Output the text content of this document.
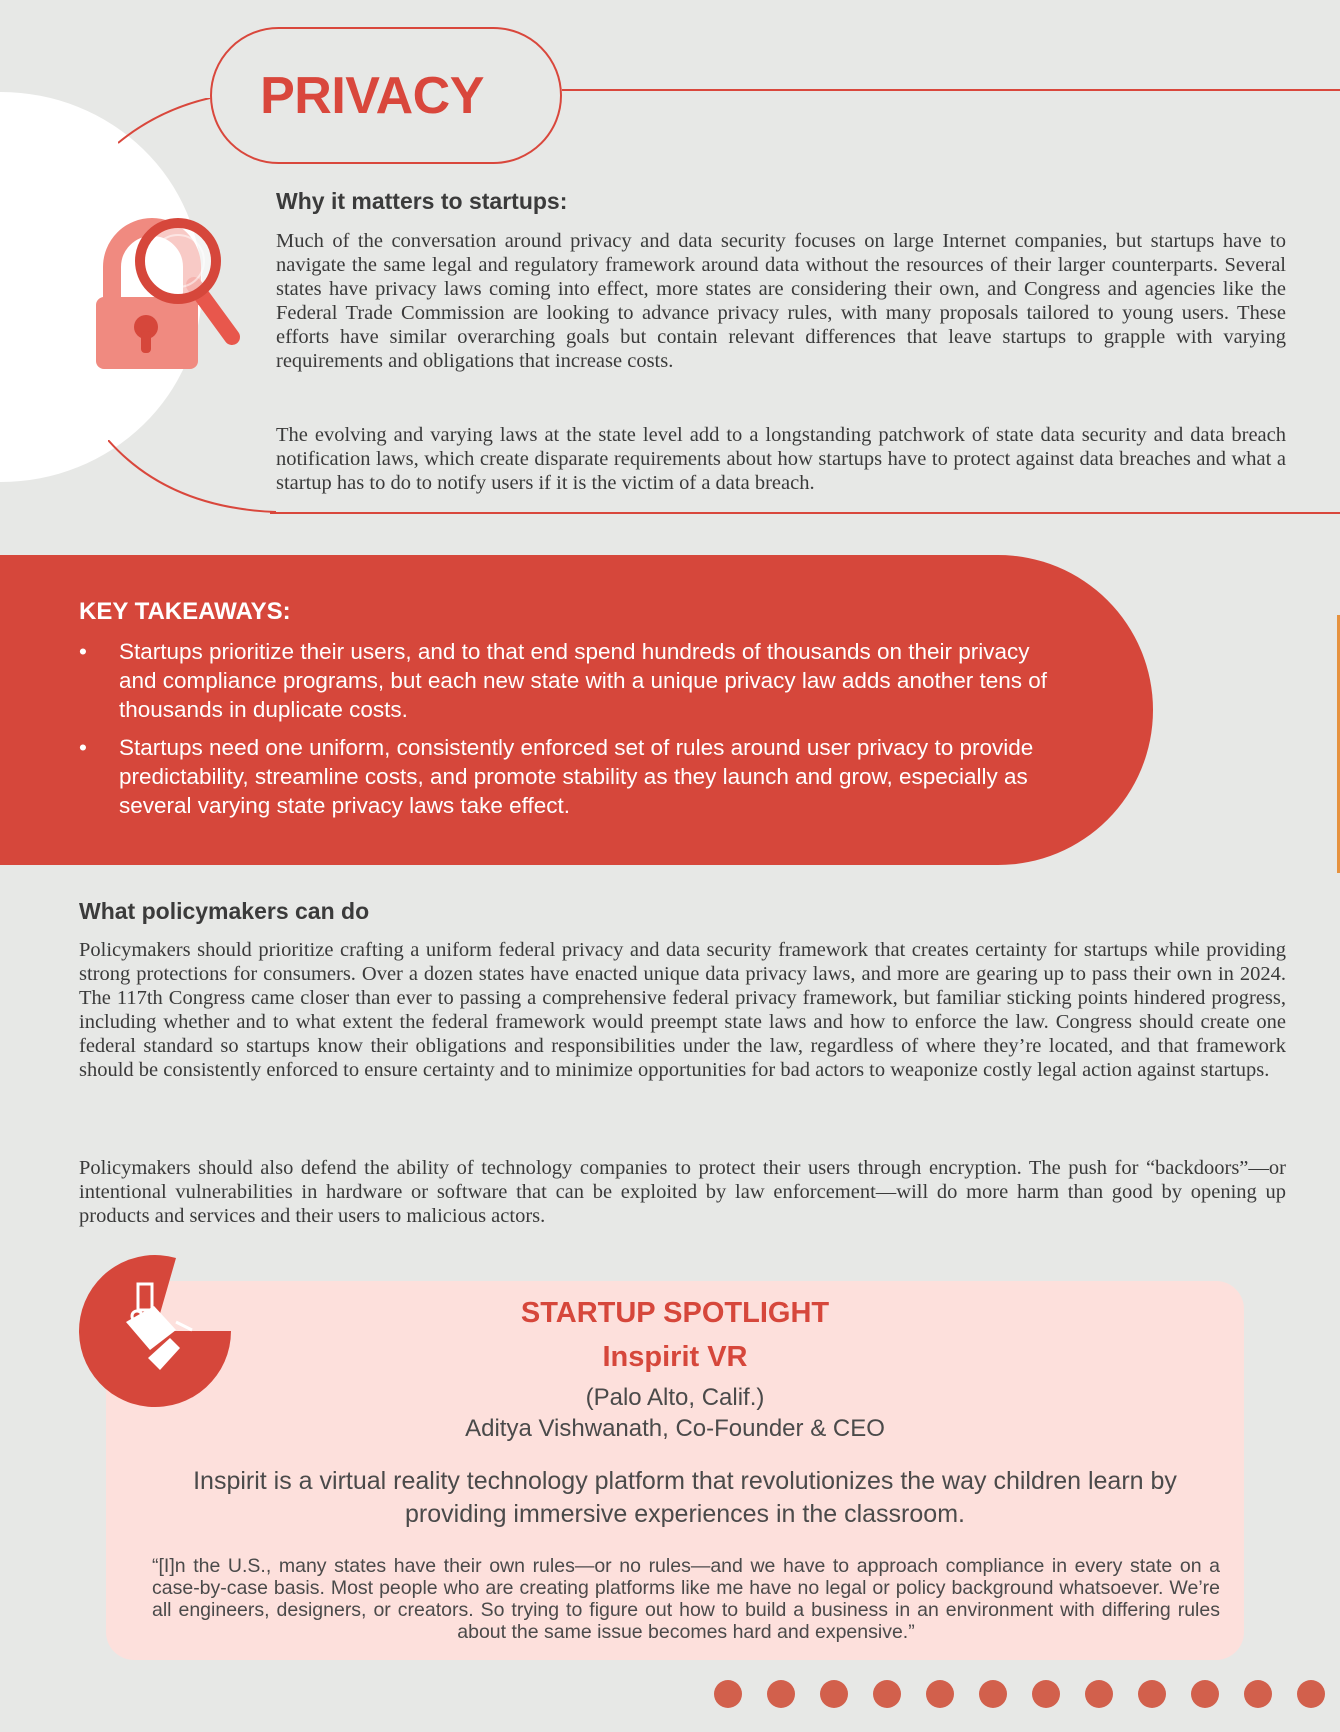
PRIVACY
Why it matters to startups:

Much of the conversation around privacy and data security focuses on large Internet companies, but startups have to navigate the same legal and regulatory framework around data without the resources of their larger counterparts. Several states have privacy laws coming into effect, more states are considering their own, and Congress and agencies like the Federal Trade Commission are looking to advance privacy rules, with many proposals tailored to young users. These efforts have similar overarching goals but contain relevant differences that leave startups to grapple with varying requirements and obligations that increase costs.

The evolving and varying laws at the state level add to a longstanding patchwork of state data security and data breach notification laws, which create disparate requirements about how startups have to protect against data breaches and what a startup has to do to notify users if it is the victim of a data breach.

KEY TAKEAWAYS:
• Startups prioritize their users, and to that end spend hundreds of thousands on their privacy and compliance programs, but each new state with a unique privacy law adds another tens of thousands in duplicate costs.
• Startups need one uniform, consistently enforced set of rules around user privacy to provide predictability, streamline costs, and promote stability as they launch and grow, especially as several varying state privacy laws take effect.
What policymakers can do

Policymakers should prioritize crafting a uniform federal privacy and data security framework that creates certainty for startups while providing strong protections for consumers. Over a dozen states have enacted unique data privacy laws, and more are gearing up to pass their own in 2024. The 117th Congress came closer than ever to passing a comprehensive federal privacy framework, but familiar sticking points hindered progress, including whether and to what extent the federal framework would preempt state laws and how to enforce the law. Congress should create one federal standard so startups know their obligations and responsibilities under the law, regardless of where they’re located, and that framework should be consistently enforced to ensure certainty and to minimize opportunities for bad actors to weaponize costly legal action against startups.

Policymakers should also defend the ability of technology companies to protect their users through encryption. The push for “backdoors”—or intentional vulnerabilities in hardware or software that can be exploited by law enforcement—will do more harm than good by opening up products and services and their users to malicious actors.

STARTUP SPOTLIGHT
Inspirit VR
(Palo Alto, Calif.)
Aditya Vishwanath, Co-Founder & CEO
Inspirit is a virtual reality technology platform that revolutionizes the way children learn by providing immersive experiences in the classroom.

“[I]n the U.S., many states have their own rules—or no rules—and we have to approach compliance in every state on a case-by-case basis. Most people who are creating platforms like me have no legal or policy background whatsoever. We’re all engineers, designers, or creators. So trying to figure out how to build a business in an environment with differing rules about the same issue becomes hard and expensive.”
